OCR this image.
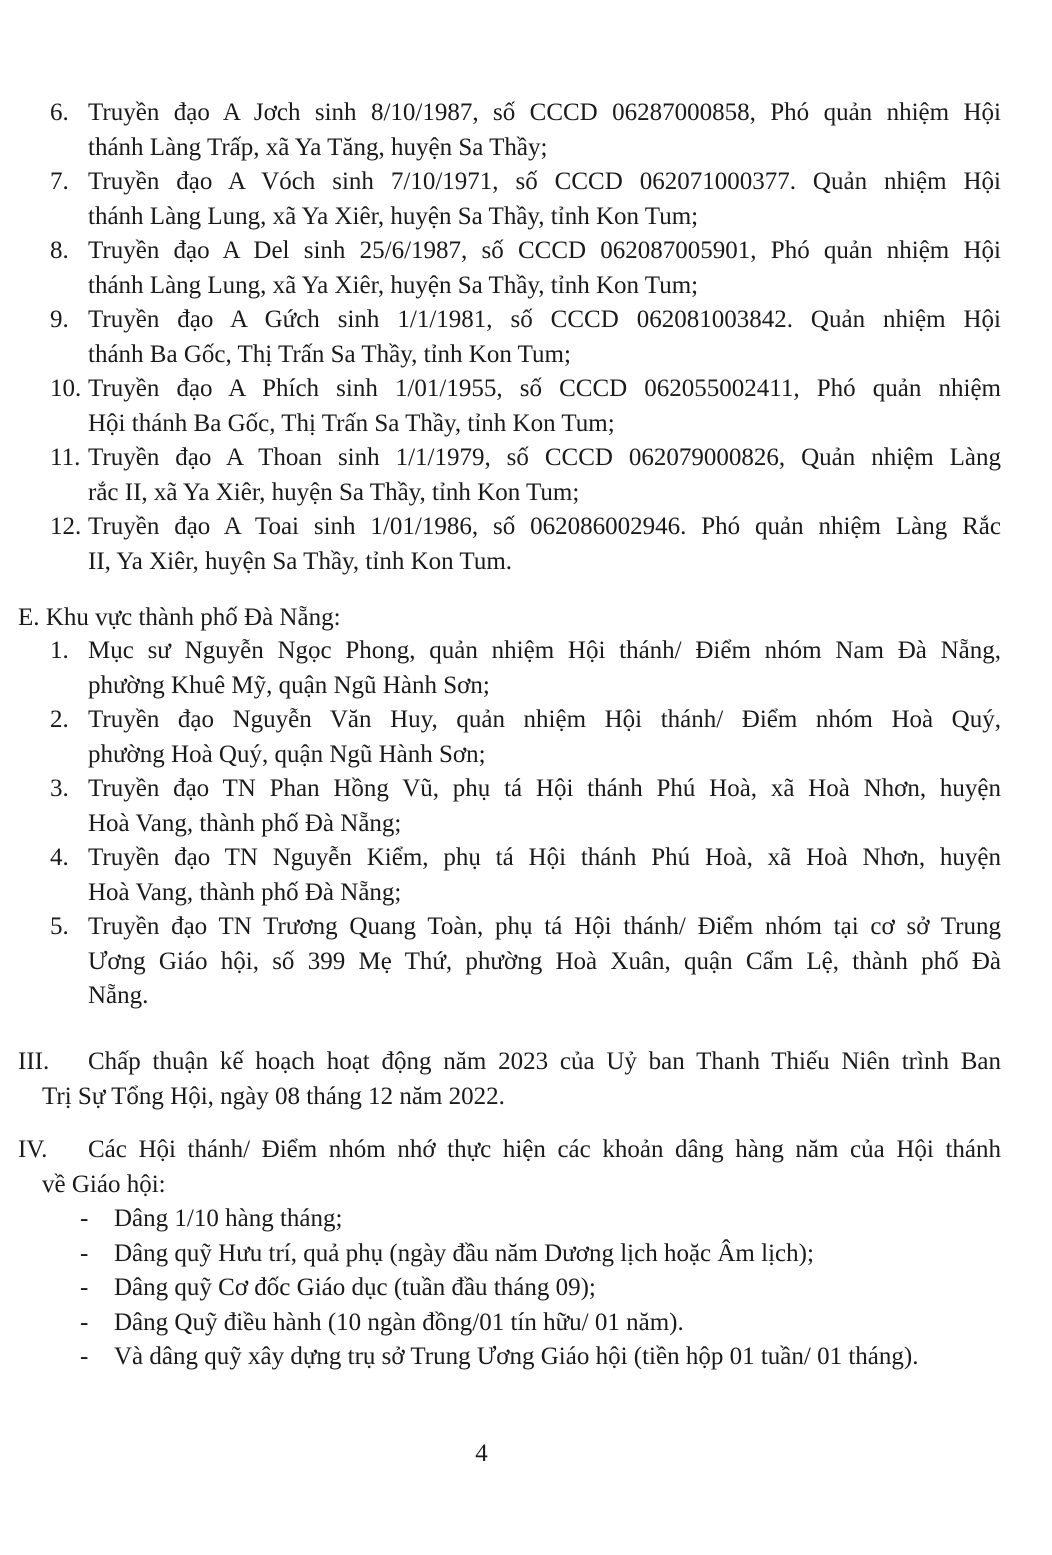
6. Truyền đạo A Jơch sinh 8/10/1987, số CCCD 06287000858, Phó quản nhiệm Hội
thánh Làng Trấp, xã Ya Tăng, huyện Sa Thầy;
7. Truyền đạo A Vóch sinh 7/10/1971, số CCCD 062071000377. Quản nhiệm Hội
thánh Làng Lung, xã Ya Xiêr, huyện Sa Thầy, tỉnh Kon Tum;
8. Truyền đạo A Del sinh 25/6/1987, số CCCD 062087005901, Phó quản nhiệm Hội
thánh Làng Lung, xã Ya Xiêr, huyện Sa Thầy, tỉnh Kon Tum;
9. Truyền đạo A Gứch sinh 1/1/1981, số CCCD 062081003842. Quản nhiệm Hội
thánh Ba Gốc, Thị Trấn Sa Thầy, tỉnh Kon Tum;
10. Truyền đạo A Phích sinh 1/01/1955, số CCCD 062055002411, Phó quản nhiệm
Hội thánh Ba Gốc, Thị Trấn Sa Thầy, tỉnh Kon Tum;
11. Truyền đạo A Thoan sinh 1/1/1979, số CCCD 062079000826, Quản nhiệm Làng
rắc II, xã Ya Xiêr, huyện Sa Thầy, tỉnh Kon Tum;
12. Truyền đạo A Toai sinh 1/01/1986, số 062086002946. Phó quản nhiệm Làng Rắc
II, Ya Xiêr, huyện Sa Thầy, tỉnh Kon Tum.
E. Khu vực thành phố Đà Nẵng:
1. Mục sư Nguyễn Ngọc Phong, quản nhiệm Hội thánh/ Điểm nhóm Nam Đà Nẵng,
phường Khuê Mỹ, quận Ngũ Hành Sơn;
2. Truyền đạo Nguyễn Văn Huy, quản nhiệm Hội thánh/ Điểm nhóm Hoà Quý,
phường Hoà Quý, quận Ngũ Hành Sơn;
3. Truyền đạo TN Phan Hồng Vũ, phụ tá Hội thánh Phú Hoà, xã Hoà Nhơn, huyện
Hoà Vang, thành phố Đà Nẵng;
4. Truyền đạo TN Nguyễn Kiểm, phụ tá Hội thánh Phú Hoà, xã Hoà Nhơn, huyện
Hoà Vang, thành phố Đà Nẵng;
5. Truyền đạo TN Trương Quang Toàn, phụ tá Hội thánh/ Điểm nhóm tại cơ sở Trung
Ương Giáo hội, số 399 Mẹ Thứ, phường Hoà Xuân, quận Cẩm Lệ, thành phố Đà
Nẵng.
III.	Chấp thuận kế hoạch hoạt động năm 2023 của Uỷ ban Thanh Thiếu Niên trình Ban
Trị Sự Tổng Hội, ngày 08 tháng 12 năm 2022.
IV.	Các Hội thánh/ Điểm nhóm nhớ thực hiện các khoản dâng hàng năm của Hội thánh
về Giáo hội:
- Dâng 1/10 hàng tháng;
- Dâng quỹ Hưu trí, quả phụ (ngày đầu năm Dương lịch hoặc Âm lịch);
- Dâng quỹ Cơ đốc Giáo dục (tuần đầu tháng 09);
- Dâng Quỹ điều hành (10 ngàn đồng/01 tín hữu/ 01 năm).
- Và dâng quỹ xây dựng trụ sở Trung Ương Giáo hội (tiền hộp 01 tuần/ 01 tháng).
4
